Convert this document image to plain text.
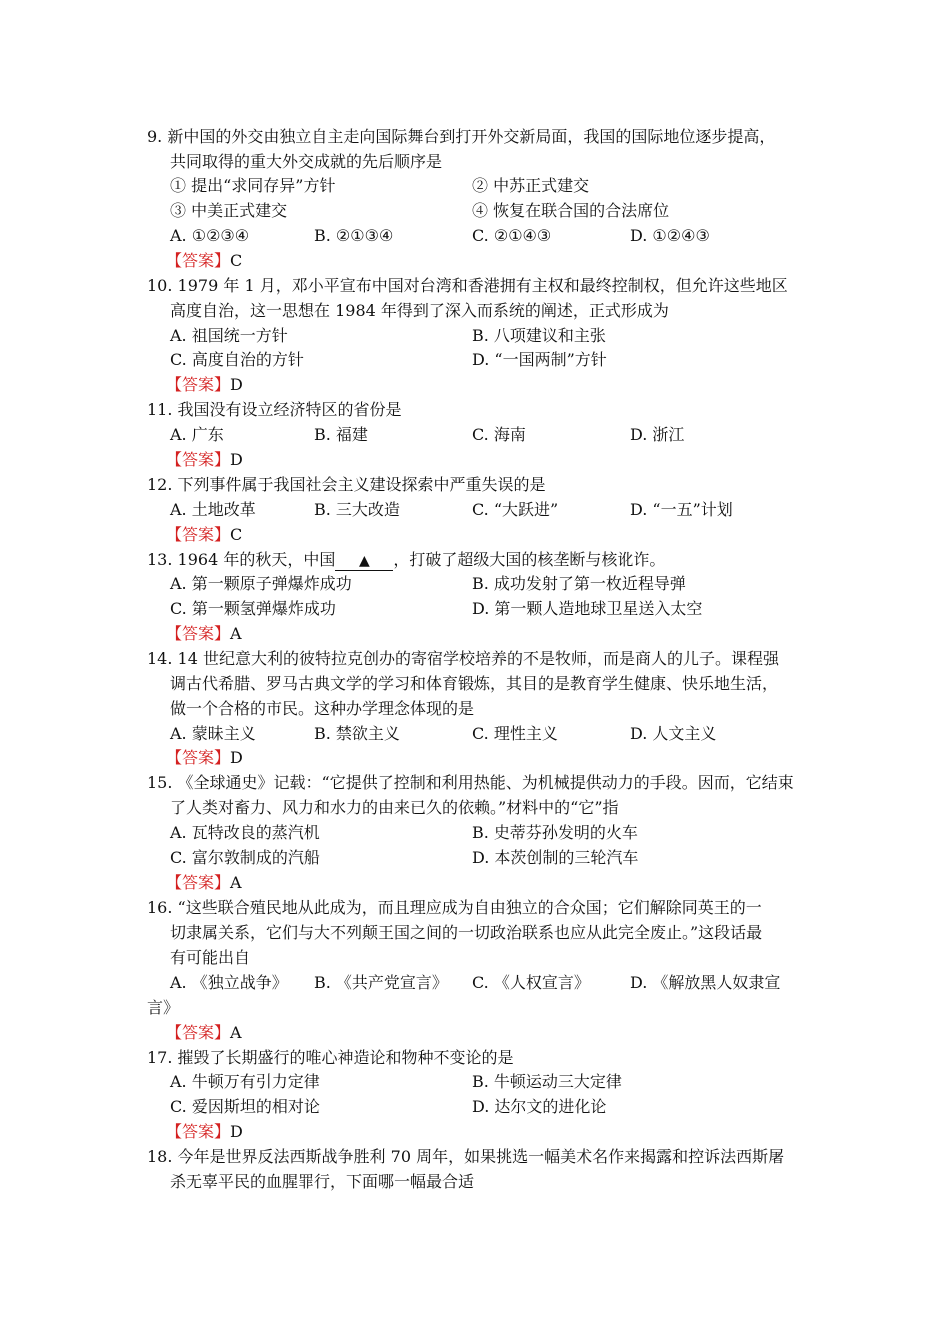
9. 新中国的外交由独立自主走向国际舞台到打开外交新局面，我国的国际地位逐步提高，
共同取得的重大外交成就的先后顺序是
① 提出“求同存异”方针	② 中苏正式建交
③ 中美正式建交	④ 恢复在联合国的合法席位
A. ①②③④	B. ②①③④	C. ②①④③	D. ①②④③
【答案】C
10. 1979 年 1 月，邓小平宣布中国对台湾和香港拥有主权和最终控制权，但允许这些地区
高度自治，这一思想在 1984 年得到了深入而系统的阐述，正式形成为
A. 祖国统一方针	B. 八项建议和主张
C. 高度自治的方针	D. “一国两制”方针
【答案】D
11. 我国没有设立经济特区的省份是
A. 广东	B. 福建	C. 海南	D. 浙江
【答案】D
12. 下列事件属于我国社会主义建设探索中严重失误的是
A. 土地改革	B. 三大改造	C. “大跃进”	D. “一五”计划
【答案】C
13. 1964 年的秋天，中国 ▲ ，打破了超级大国的核垄断与核讹诈。
A. 第一颗原子弹爆炸成功	B. 成功发射了第一枚近程导弹
C. 第一颗氢弹爆炸成功	D. 第一颗人造地球卫星送入太空
【答案】A
14. 14 世纪意大利的彼特拉克创办的寄宿学校培养的不是牧师，而是商人的儿子。课程强
调古代希腊、罗马古典文学的学习和体育锻炼，其目的是教育学生健康、快乐地生活，
做一个合格的市民。这种办学理念体现的是
A. 蒙昧主义	B. 禁欲主义	C. 理性主义	D. 人文主义
【答案】D
15. 《全球通史》记载：“它提供了控制和利用热能、为机械提供动力的手段。因而，它结束
了人类对畜力、风力和水力的由来已久的依赖。”材料中的“它”指
A. 瓦特改良的蒸汽机	B. 史蒂芬孙发明的火车
C. 富尔敦制成的汽船	D. 本茨创制的三轮汽车
【答案】A
16. “这些联合殖民地从此成为，而且理应成为自由独立的合众国；它们解除同英王的一
切隶属关系，它们与大不列颠王国之间的一切政治联系也应从此完全废止。”这段话最
有可能出自
A. 《独立战争》 B. 《共产党宣言》 C. 《人权宣言》	D. 《解放黑人奴隶宣
言》
【答案】A
17. 摧毁了长期盛行的唯心神造论和物种不变论的是
A. 牛顿万有引力定律	B. 牛顿运动三大定律
C. 爱因斯坦的相对论	D. 达尔文的进化论
【答案】D
18. 今年是世界反法西斯战争胜利 70 周年，如果挑选一幅美术名作来揭露和控诉法西斯屠
杀无辜平民的血腥罪行，下面哪一幅最合适
